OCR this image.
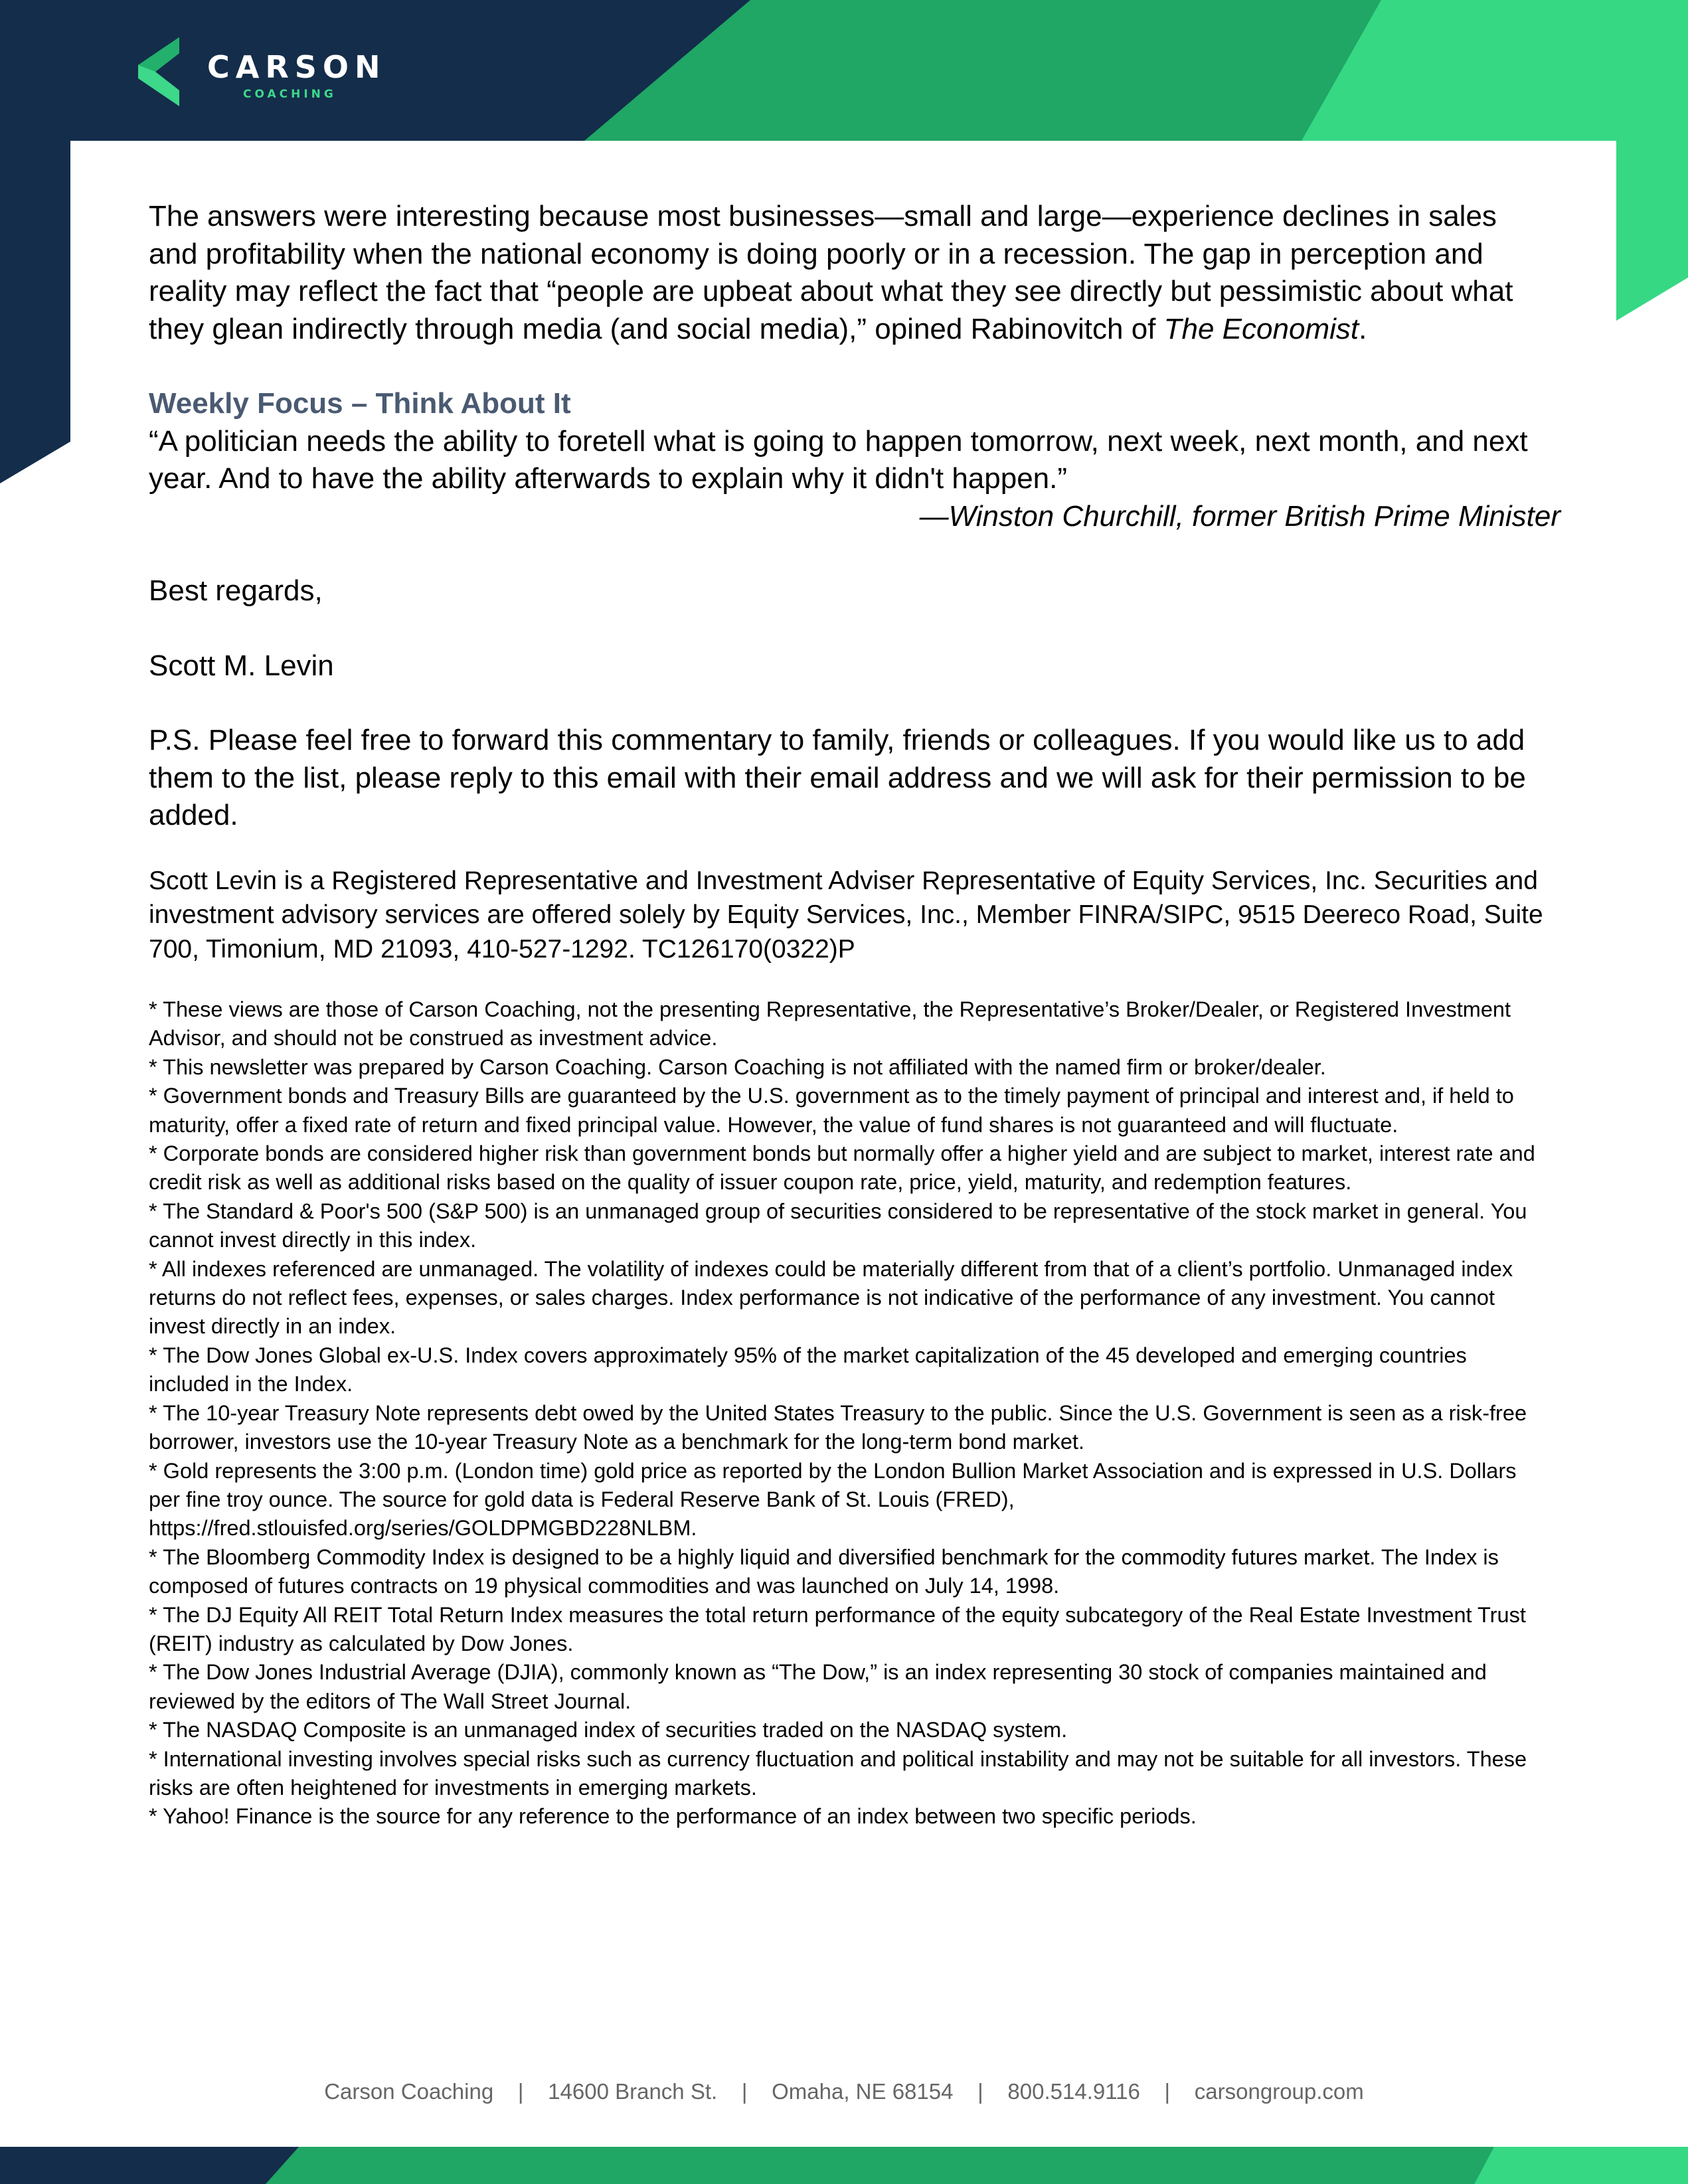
CARSON
COACHING

The answers were interesting because most businesses—small and large—experience declines in sales and profitability when the national economy is doing poorly or in a recession. The gap in perception and reality may reflect the fact that “people are upbeat about what they see directly but pessimistic about what they glean indirectly through media (and social media),” opined Rabinovitch of The Economist.

Weekly Focus – Think About It

“A politician needs the ability to foretell what is going to happen tomorrow, next week, next month, and next year. And to have the ability afterwards to explain why it didn't happen.”

—Winston Churchill, former British Prime Minister

Best regards,

Scott M. Levin

P.S. Please feel free to forward this commentary to family, friends or colleagues. If you would like us to add them to the list, please reply to this email with their email address and we will ask for their permission to be added.

Scott Levin is a Registered Representative and Investment Adviser Representative of Equity Services, Inc. Securities and investment advisory services are offered solely by Equity Services, Inc., Member FINRA/SIPC, 9515 Deereco Road, Suite 700, Timonium, MD 21093, 410-527-1292. TC126170(0322)P

* These views are those of Carson Coaching, not the presenting Representative, the Representative’s Broker/Dealer, or Registered Investment Advisor, and should not be construed as investment advice.

* This newsletter was prepared by Carson Coaching. Carson Coaching is not affiliated with the named firm or broker/dealer.

* Government bonds and Treasury Bills are guaranteed by the U.S. government as to the timely payment of principal and interest and, if held to maturity, offer a fixed rate of return and fixed principal value. However, the value of fund shares is not guaranteed and will fluctuate.

* Corporate bonds are considered higher risk than government bonds but normally offer a higher yield and are subject to market, interest rate and credit risk as well as additional risks based on the quality of issuer coupon rate, price, yield, maturity, and redemption features.

* The Standard & Poor's 500 (S&P 500) is an unmanaged group of securities considered to be representative of the stock market in general. You cannot invest directly in this index.

* All indexes referenced are unmanaged. The volatility of indexes could be materially different from that of a client’s portfolio. Unmanaged index returns do not reflect fees, expenses, or sales charges. Index performance is not indicative of the performance of any investment. You cannot invest directly in an index.

* The Dow Jones Global ex-U.S. Index covers approximately 95% of the market capitalization of the 45 developed and emerging countries included in the Index.

* The 10-year Treasury Note represents debt owed by the United States Treasury to the public. Since the U.S. Government is seen as a risk-free borrower, investors use the 10-year Treasury Note as a benchmark for the long-term bond market.

* Gold represents the 3:00 p.m. (London time) gold price as reported by the London Bullion Market Association and is expressed in U.S. Dollars per fine troy ounce. The source for gold data is Federal Reserve Bank of St. Louis (FRED), https://fred.stlouisfed.org/series/GOLDPMGBD228NLBM.

* The Bloomberg Commodity Index is designed to be a highly liquid and diversified benchmark for the commodity futures market. The Index is composed of futures contracts on 19 physical commodities and was launched on July 14, 1998.

* The DJ Equity All REIT Total Return Index measures the total return performance of the equity subcategory of the Real Estate Investment Trust (REIT) industry as calculated by Dow Jones.

* The Dow Jones Industrial Average (DJIA), commonly known as “The Dow,” is an index representing 30 stock of companies maintained and reviewed by the editors of The Wall Street Journal.

* The NASDAQ Composite is an unmanaged index of securities traded on the NASDAQ system.

* International investing involves special risks such as currency fluctuation and political instability and may not be suitable for all investors. These risks are often heightened for investments in emerging markets.

* Yahoo! Finance is the source for any reference to the performance of an index between two specific periods.

Carson Coaching | 14600 Branch St. | Omaha, NE 68154 | 800.514.9116 | carsongroup.com
